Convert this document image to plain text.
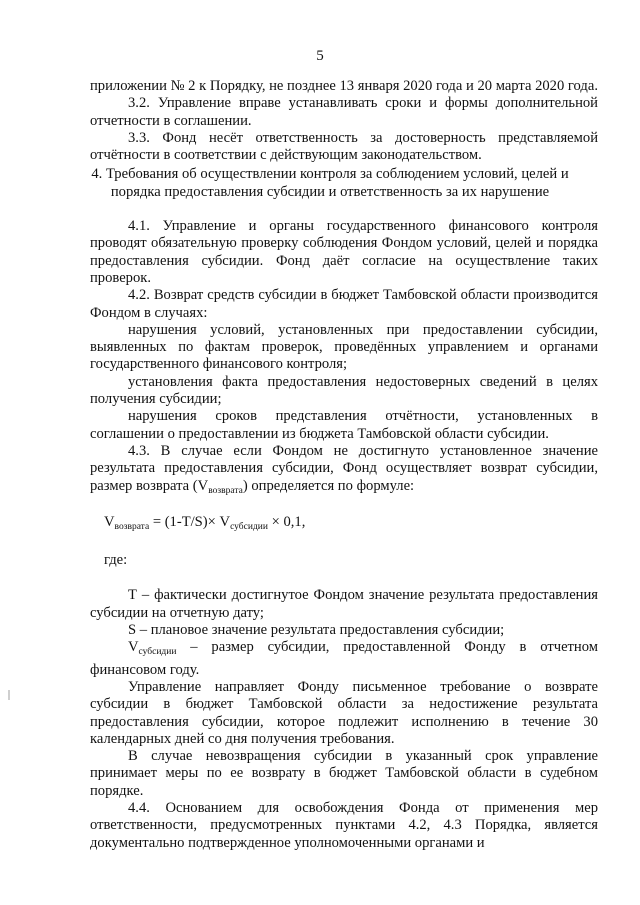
5

приложении № 2 к Порядку, не позднее 13 января 2020 года и 20 марта 2020 года.

3.2. Управление вправе устанавливать сроки и формы дополнительной отчетности в соглашении.

3.3. Фонд несёт ответственность за достоверность представляемой отчётности в соответствии с действующим законодательством.

4. Требования об осуществлении контроля за соблюдением условий, целей и порядка предоставления субсидии и ответственность за их нарушение

4.1. Управление и органы государственного финансового контроля проводят обязательную проверку соблюдения Фондом условий, целей и порядка предоставления субсидии. Фонд даёт согласие на осуществление таких проверок.

4.2. Возврат средств субсидии в бюджет Тамбовской области производится Фондом в случаях:

нарушения условий, установленных при предоставлении субсидии, выявленных по фактам проверок, проведённых управлением и органами государственного финансового контроля;

установления факта предоставления недостоверных сведений в целях получения субсидии;

нарушения сроков представления отчётности, установленных в соглашении о предоставлении из бюджета Тамбовской области субсидии.

4.3. В случае если Фондом не достигнуто установленное значение результата предоставления субсидии, Фонд осуществляет возврат субсидии, размер возврата $(V_{возврата})$ определяется по формуле:

$V_{возврата} = (1-T/S)\times V_{субсидии} \times 0,1$,
где:

Т – фактически достигнутое Фондом значение результата предоставления субсидии на отчетную дату;

S – плановое значение результата предоставления субсидии;

$V_{субсидии}$ – размер субсидии, предоставленной Фонду в отчетном финансовом году.

Управление направляет Фонду письменное требование о возврате субсидии в бюджет Тамбовской области за недостижение результата предоставления субсидии, которое подлежит исполнению в течение 30 календарных дней со дня получения требования.

В случае невозвращения субсидии в указанный срок управление принимает меры по ее возврату в бюджет Тамбовской области в судебном порядке.

4.4. Основанием для освобождения Фонда от применения мер ответственности, предусмотренных пунктами 4.2, 4.3 Порядка, является документально подтвержденное уполномоченными органами и
